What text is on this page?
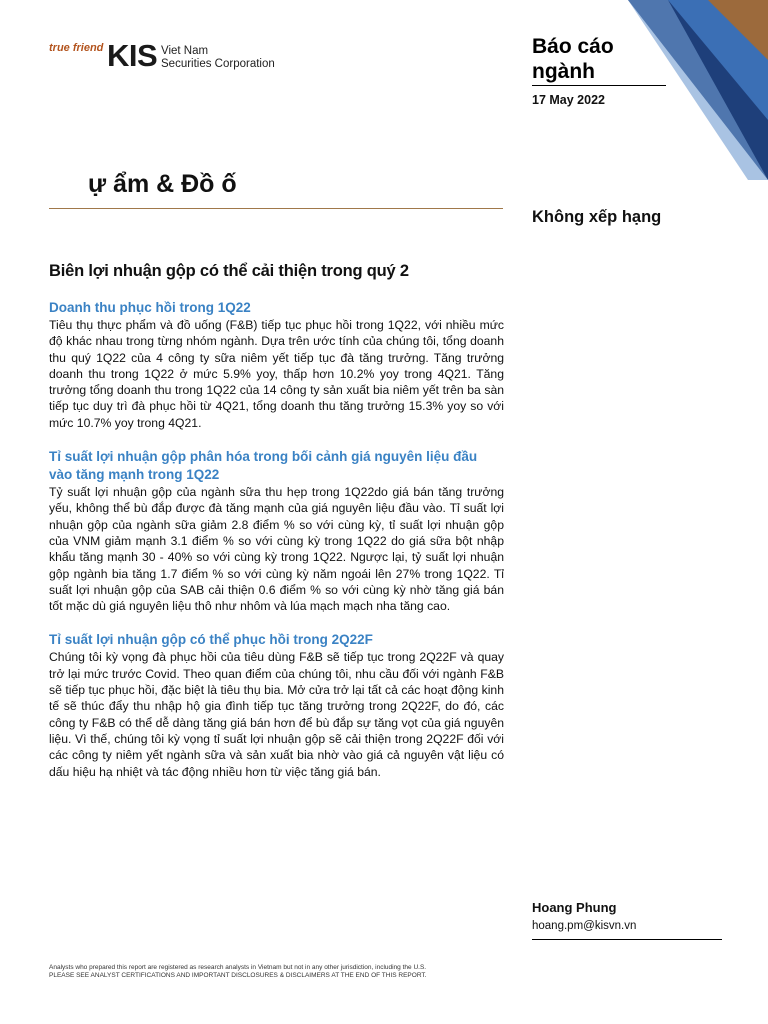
true friend KIS Viet Nam
Securities Corporation
Báo cáo ngành
17 May 2022
ự ẩm & Đồ ố
Không xếp hạng
Biên lợi nhuận gộp có thể cải thiện trong quý 2
Doanh thu phục hồi trong 1Q22
Tiêu thụ thực phẩm và đồ uống (F&B) tiếp tục phục hồi trong 1Q22, với nhiều mức độ khác nhau trong từng nhóm ngành. Dựa trên ước tính của chúng tôi, tổng doanh thu quý 1Q22 của 4 công ty sữa niêm yết tiếp tục đà tăng trưởng. Tăng trưởng doanh thu trong 1Q22 ở mức 5.9% yoy, thấp hơn 10.2% yoy trong 4Q21. Tăng trưởng tổng doanh thu trong 1Q22 của 14 công ty sản xuất bia niêm yết trên ba sàn tiếp tục duy trì đà phục hồi từ 4Q21, tổng doanh thu tăng trưởng 15.3% yoy so với mức 10.7% yoy trong 4Q21.
Tỉ suất lợi nhuận gộp phân hóa trong bối cảnh giá nguyên liệu đầu vào tăng mạnh trong 1Q22
Tỷ suất lợi nhuận gộp của ngành sữa thu hẹp trong 1Q22do giá bán tăng trưởng yếu, không thể bù đắp được đà tăng mạnh của giá nguyên liệu đầu vào. Tỉ suất lợi nhuận gộp của ngành sữa giảm 2.8 điểm % so với cùng kỳ, tỉ suất lợi nhuận gộp của VNM giảm mạnh 3.1 điểm % so với cùng kỳ trong 1Q22 do giá sữa bột nhập khẩu tăng mạnh 30 - 40% so với cùng kỳ trong 1Q22. Ngược lại, tỷ suất lợi nhuận gộp ngành bia tăng 1.7 điểm % so với cùng kỳ năm ngoái lên 27% trong 1Q22. Tỉ suất lợi nhuận gộp của SAB cải thiện 0.6 điểm % so với cùng kỳ nhờ tăng giá bán tốt mặc dù giá nguyên liệu thô như nhôm và lúa mạch mạch nha tăng cao.
Tỉ suất lợi nhuận gộp có thể phục hồi trong 2Q22F
Chúng tôi kỳ vọng đà phục hồi của tiêu dùng F&B sẽ tiếp tục trong 2Q22F và quay trở lại mức trước Covid. Theo quan điểm của chúng tôi, nhu cầu đối với ngành F&B sẽ tiếp tục phục hồi, đặc biệt là tiêu thụ bia. Mở cửa trở lại tất cả các hoạt động kinh tế sẽ thúc đẩy thu nhập hộ gia đình tiếp tục tăng trưởng trong 2Q22F, do đó, các công ty F&B có thể dễ dàng tăng giá bán hơn để bù đắp sự tăng vọt của giá nguyên liệu. Vì thế, chúng tôi kỳ vọng tỉ suất lợi nhuận gộp sẽ cải thiện trong 2Q22F đối với các công ty niêm yết ngành sữa và sản xuất bia nhờ vào giá cả nguyên vật liệu có dấu hiệu hạ nhiệt và tác động nhiều hơn từ việc tăng giá bán.
Hoang Phung
hoang.pm@kisvn.vn
Analysts who prepared this report are registered as research analysts in Vietnam but not in any other jurisdiction, including the U.S.
PLEASE SEE ANALYST CERTIFICATIONS AND IMPORTANT DISCLOSURES & DISCLAIMERS AT THE END OF THIS REPORT.
